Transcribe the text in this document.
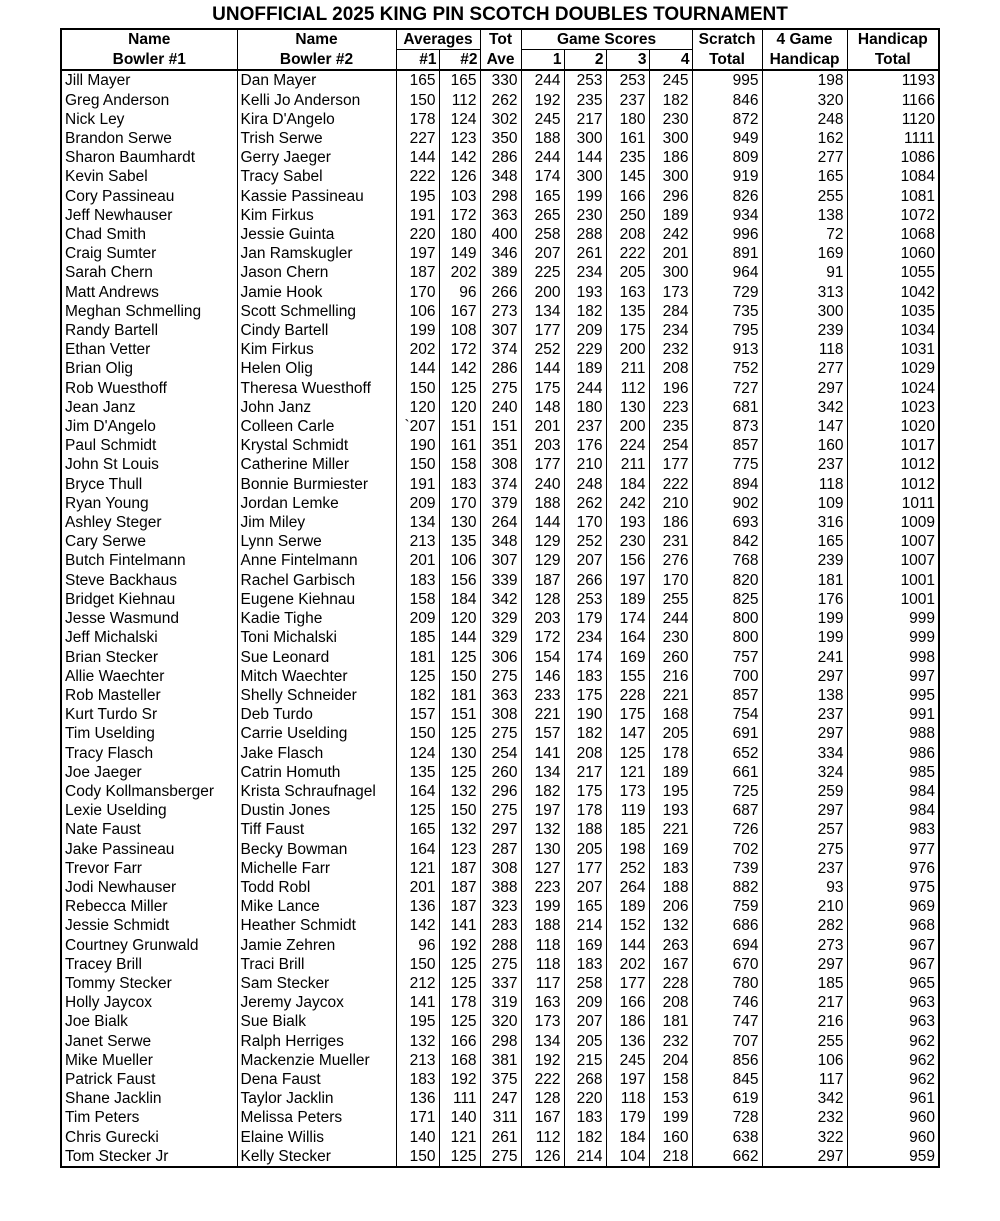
UNOFFICIAL 2025 KING PIN SCOTCH DOUBLES TOURNAMENT
Name	Name	Averages		Tot	Game Scores				Scratch	4 Game	Handicap
Bowler #1	Bowler #2	#1	#2	Ave	1	2	3	4	Total	Handicap	Total
Jill Mayer	Dan Mayer	165	165	330	244	253	253	245	995	198	1193
Greg Anderson	Kelli Jo Anderson	150	112	262	192	235	237	182	846	320	1166
Nick Ley	Kira D'Angelo	178	124	302	245	217	180	230	872	248	1120
Brandon Serwe	Trish Serwe	227	123	350	188	300	161	300	949	162	1111
Sharon Baumhardt	Gerry Jaeger	144	142	286	244	144	235	186	809	277	1086
Kevin Sabel	Tracy Sabel	222	126	348	174	300	145	300	919	165	1084
Cory Passineau	Kassie Passineau	195	103	298	165	199	166	296	826	255	1081
Jeff Newhauser	Kim Firkus	191	172	363	265	230	250	189	934	138	1072
Chad Smith	Jessie Guinta	220	180	400	258	288	208	242	996	72	1068
Craig Sumter	Jan Ramskugler	197	149	346	207	261	222	201	891	169	1060
Sarah Chern	Jason Chern	187	202	389	225	234	205	300	964	91	1055
Matt Andrews	Jamie Hook	170	96	266	200	193	163	173	729	313	1042
Meghan Schmelling	Scott Schmelling	106	167	273	134	182	135	284	735	300	1035
Randy Bartell	Cindy Bartell	199	108	307	177	209	175	234	795	239	1034
Ethan Vetter	Kim Firkus	202	172	374	252	229	200	232	913	118	1031
Brian Olig	Helen Olig	144	142	286	144	189	211	208	752	277	1029
Rob Wuesthoff	Theresa Wuesthoff	150	125	275	175	244	112	196	727	297	1024
Jean Janz	John Janz	120	120	240	148	180	130	223	681	342	1023
Jim D'Angelo	Colleen Carle	`207	151	151	201	237	200	235	873	147	1020
Paul Schmidt	Krystal Schmidt	190	161	351	203	176	224	254	857	160	1017
John St Louis	Catherine Miller	150	158	308	177	210	211	177	775	237	1012
Bryce Thull	Bonnie Burmiester	191	183	374	240	248	184	222	894	118	1012
Ryan Young	Jordan Lemke	209	170	379	188	262	242	210	902	109	1011
Ashley Steger	Jim Miley	134	130	264	144	170	193	186	693	316	1009
Cary Serwe	Lynn Serwe	213	135	348	129	252	230	231	842	165	1007
Butch Fintelmann	Anne Fintelmann	201	106	307	129	207	156	276	768	239	1007
Steve Backhaus	Rachel Garbisch	183	156	339	187	266	197	170	820	181	1001
Bridget Kiehnau	Eugene Kiehnau	158	184	342	128	253	189	255	825	176	1001
Jesse Wasmund	Kadie Tighe	209	120	329	203	179	174	244	800	199	999
Jeff Michalski	Toni Michalski	185	144	329	172	234	164	230	800	199	999
Brian Stecker	Sue Leonard	181	125	306	154	174	169	260	757	241	998
Allie Waechter	Mitch Waechter	125	150	275	146	183	155	216	700	297	997
Rob Masteller	Shelly Schneider	182	181	363	233	175	228	221	857	138	995
Kurt Turdo Sr	Deb Turdo	157	151	308	221	190	175	168	754	237	991
Tim Uselding	Carrie Uselding	150	125	275	157	182	147	205	691	297	988
Tracy Flasch	Jake Flasch	124	130	254	141	208	125	178	652	334	986
Joe Jaeger	Catrin Homuth	135	125	260	134	217	121	189	661	324	985
Cody Kollmansberger	Krista Schraufnagel	164	132	296	182	175	173	195	725	259	984
Lexie Uselding	Dustin Jones	125	150	275	197	178	119	193	687	297	984
Nate Faust	Tiff Faust	165	132	297	132	188	185	221	726	257	983
Jake Passineau	Becky Bowman	164	123	287	130	205	198	169	702	275	977
Trevor Farr	Michelle Farr	121	187	308	127	177	252	183	739	237	976
Jodi Newhauser	Todd Robl	201	187	388	223	207	264	188	882	93	975
Rebecca Miller	Mike Lance	136	187	323	199	165	189	206	759	210	969
Jessie Schmidt	Heather Schmidt	142	141	283	188	214	152	132	686	282	968
Courtney Grunwald	Jamie Zehren	96	192	288	118	169	144	263	694	273	967
Tracey Brill	Traci Brill	150	125	275	118	183	202	167	670	297	967
Tommy Stecker	Sam Stecker	212	125	337	117	258	177	228	780	185	965
Holly Jaycox	Jeremy Jaycox	141	178	319	163	209	166	208	746	217	963
Joe Bialk	Sue Bialk	195	125	320	173	207	186	181	747	216	963
Janet Serwe	Ralph Herriges	132	166	298	134	205	136	232	707	255	962
Mike Mueller	Mackenzie Mueller	213	168	381	192	215	245	204	856	106	962
Patrick Faust	Dena Faust	183	192	375	222	268	197	158	845	117	962
Shane Jacklin	Taylor Jacklin	136	111	247	128	220	118	153	619	342	961
Tim Peters	Melissa Peters	171	140	311	167	183	179	199	728	232	960
Chris Gurecki	Elaine Willis	140	121	261	112	182	184	160	638	322	960
Tom Stecker Jr	Kelly Stecker	150	125	275	126	214	104	218	662	297	959
